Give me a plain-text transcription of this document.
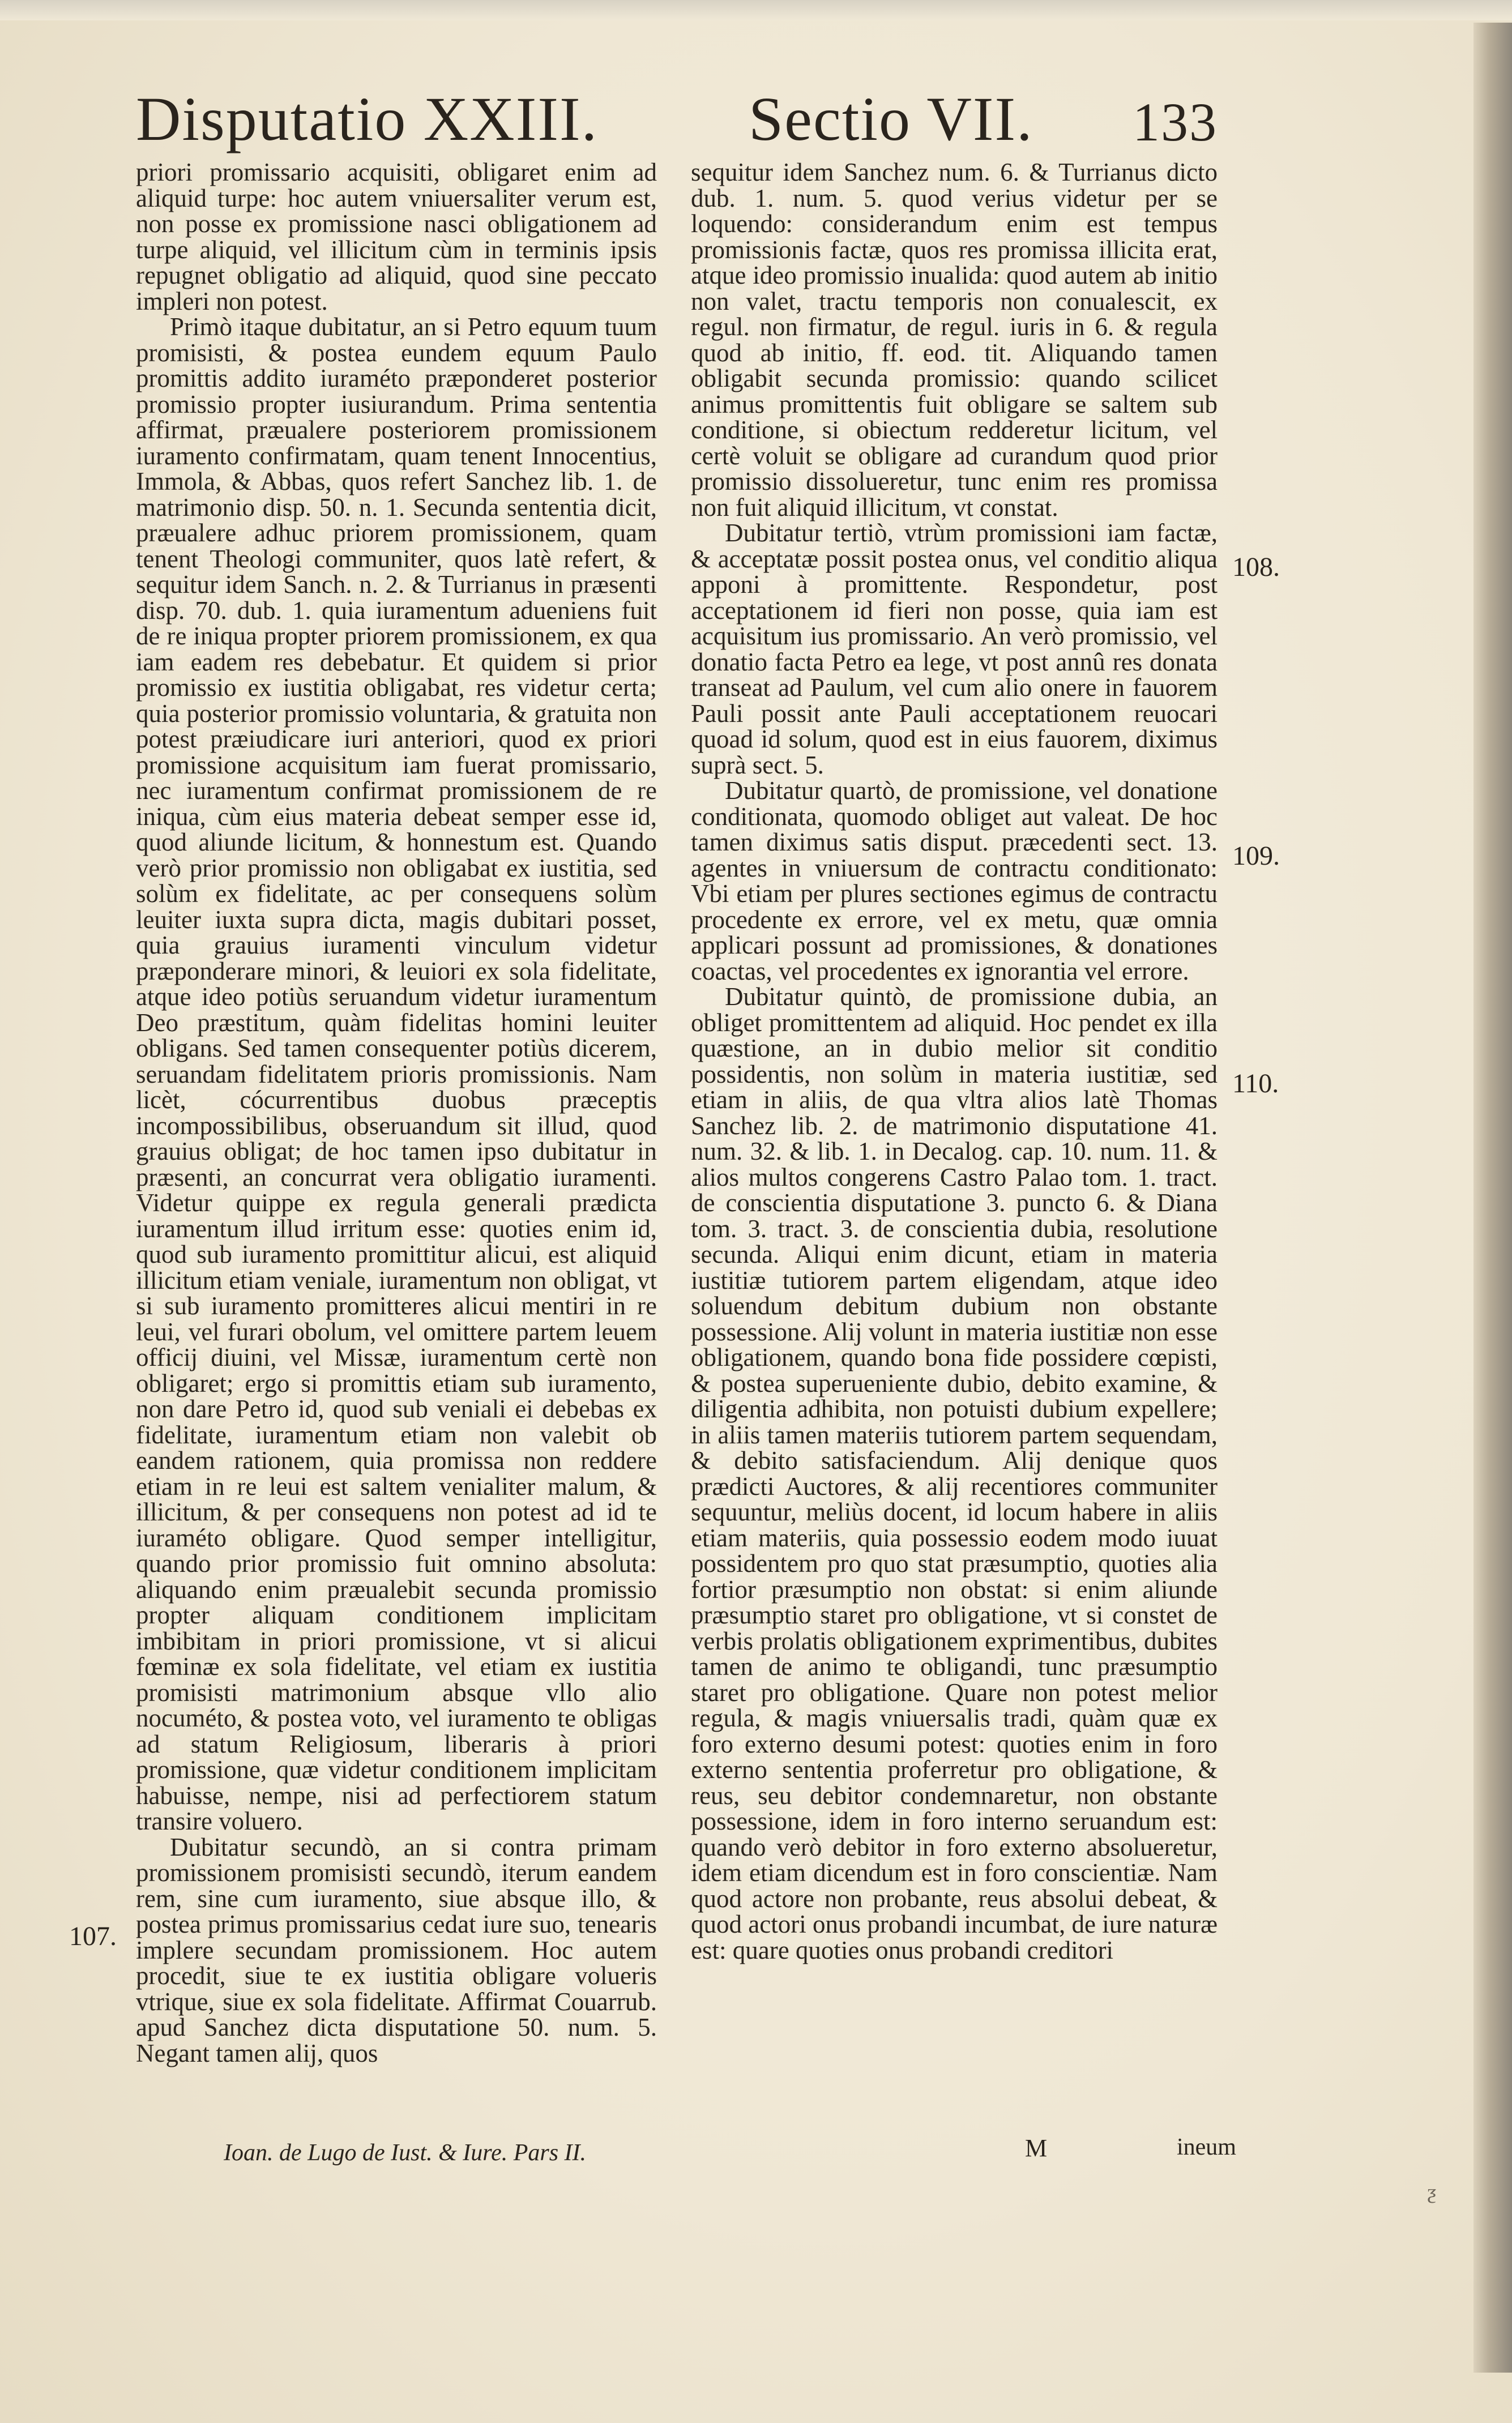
Disputatio XXIII. Sectio VII. 133

priori promissario acquisiti, obligaret enim ad aliquid turpe: hoc autem vniuersaliter verum est, non posse ex promissione nasci obligationem ad turpe aliquid, vel illicitum cùm in terminis ipsis repugnet obligatio ad aliquid, quod sine peccato impleri non potest.

Primò itaque dubitatur, an si Petro equum tuum promisisti, & postea eundem equum Paulo promittis addito iuraméto præponderet posterior promissio propter iusiurandum. Prima sententia affirmat, præualere posteriorem promissionem iuramento confirmatam, quam tenent Innocentius, Immola, & Abbas, quos refert Sanchez lib. 1. de matrimonio disp. 50. n. 1. Secunda sententia dicit, præualere adhuc priorem promissionem, quam tenent Theologi communiter, quos latè refert, & sequitur idem Sanch. n. 2. & Turrianus in præsenti disp. 70. dub. 1. quia iuramentum adueniens fuit de re iniqua propter priorem promissionem, ex qua iam eadem res debebatur. Et quidem si prior promissio ex iustitia obligabat, res videtur certa; quia posterior promissio voluntaria, & gratuita non potest præiudicare iuri anteriori, quod ex priori promissione acquisitum iam fuerat promissario, nec iuramentum confirmat promissionem de re iniqua, cùm eius materia debeat semper esse id, quod aliunde licitum, & honnestum est. Quando verò prior promissio non obligabat ex iustitia, sed solùm ex fidelitate, ac per consequens solùm leuiter iuxta supra dicta, magis dubitari posset, quia grauius iuramenti vinculum videtur præponderare minori, & leuiori ex sola fidelitate, atque ideo potiùs seruandum videtur iuramentum Deo præstitum, quàm fidelitas homini leuiter obligans. Sed tamen consequenter potiùs dicerem, seruandam fidelitatem prioris promissionis. Nam licèt, cócurrentibus duobus præceptis incompossibilibus, obseruandum sit illud, quod grauius obligat; de hoc tamen ipso dubitatur in præsenti, an concurrat vera obligatio iuramenti. Videtur quippe ex regula generali prædicta iuramentum illud irritum esse: quoties enim id, quod sub iuramento promittitur alicui, est aliquid illicitum etiam veniale, iuramentum non obligat, vt si sub iuramento promitteres alicui mentiri in re leui, vel furari obolum, vel omittere partem leuem officij diuini, vel Missæ, iuramentum certè non obligaret; ergo si promittis etiam sub iuramento, non dare Petro id, quod sub veniali ei debebas ex fidelitate, iuramentum etiam non valebit ob eandem rationem, quia promissa non reddere etiam in re leui est saltem venialiter malum, & illicitum, & per consequens non potest ad id te iuraméto obligare. Quod semper intelligitur, quando prior promissio fuit omnino absoluta: aliquando enim præualebit secunda promissio propter aliquam conditionem implicitam imbibitam in priori promissione, vt si alicui fœminæ ex sola fidelitate, vel etiam ex iustitia promisisti matrimonium absque vllo alio nocuméto, & postea voto, vel iuramento te obligas ad statum Religiosum, liberaris à priori promissione, quæ videtur conditionem implicitam habuisse, nempe, nisi ad perfectiorem statum transire voluero.

Dubitatur secundò, an si contra primam promissionem promisisti secundò, iterum eandem rem, sine cum iuramento, siue absque illo, & postea primus promissarius cedat iure suo, tenearis implere secundam promissionem. Hoc autem procedit, siue te ex iustitia obligare volueris vtrique, siue ex sola fidelitate. Affirmat Couarrub. apud Sanchez dicta disputatione 50. num. 5. Negant tamen alij, quos

sequitur idem Sanchez num. 6. & Turrianus dicto dub. 1. num. 5. quod verius videtur per se loquendo: considerandum enim est tempus promissionis factæ, quos res promissa illicita erat, atque ideo promissio inualida: quod autem ab initio non valet, tractu temporis non conualescit, ex regul. non firmatur, de regul. iuris in 6. & regula quod ab initio, ff. eod. tit. Aliquando tamen obligabit secunda promissio: quando scilicet animus promittentis fuit obligare se saltem sub conditione, si obiectum redderetur licitum, vel certè voluit se obligare ad curandum quod prior promissio dissolueretur, tunc enim res promissa non fuit aliquid illicitum, vt constat.

Dubitatur tertiò, vtrùm promissioni iam factæ, & acceptatæ possit postea onus, vel conditio aliqua apponi à promittente. Respondetur, post acceptationem id fieri non posse, quia iam est acquisitum ius promissario. An verò promissio, vel donatio facta Petro ea lege, vt post annû res donata transeat ad Paulum, vel cum alio onere in fauorem Pauli possit ante Pauli acceptationem reuocari quoad id solum, quod est in eius fauorem, diximus suprà sect. 5.

Dubitatur quartò, de promissione, vel donatione conditionata, quomodo obliget aut valeat. De hoc tamen diximus satis disput. præcedenti sect. 13. agentes in vniuersum de contractu conditionato: Vbi etiam per plures sectiones egimus de contractu procedente ex errore, vel ex metu, quæ omnia applicari possunt ad promissiones, & donationes coactas, vel procedentes ex ignorantia vel errore.

Dubitatur quintò, de promissione dubia, an obliget promittentem ad aliquid. Hoc pendet ex illa quæstione, an in dubio melior sit conditio possidentis, non solùm in materia iustitiæ, sed etiam in aliis, de qua vltra alios latè Thomas Sanchez lib. 2. de matrimonio disputatione 41. num. 32. & lib. 1. in Decalog. cap. 10. num. 11. & alios multos congerens Castro Palao tom. 1. tract. de conscientia disputatione 3. puncto 6. & Diana tom. 3. tract. 3. de conscientia dubia, resolutione secunda. Aliqui enim dicunt, etiam in materia iustitiæ tutiorem partem eligendam, atque ideo soluendum debitum dubium non obstante possessione. Alij volunt in materia iustitiæ non esse obligationem, quando bona fide possidere cœpisti, & postea superueniente dubio, debito examine, & diligentia adhibita, non potuisti dubium expellere; in aliis tamen materiis tutiorem partem sequendam, & debito satisfaciendum. Alij denique quos prædicti Auctores, & alij recentiores communiter sequuntur, meliùs docent, id locum habere in aliis etiam materiis, quia possessio eodem modo iuuat possidentem pro quo stat præsumptio, quoties alia fortior præsumptio non obstat: si enim aliunde præsumptio staret pro obligatione, vt si constet de verbis prolatis obligationem exprimentibus, dubites tamen de animo te obligandi, tunc præsumptio staret pro obligatione. Quare non potest melior regula, & magis vniuersalis tradi, quàm quæ ex foro externo desumi potest: quoties enim in foro externo sententia proferretur pro obligatione, & reus, seu debitor condemnaretur, non obstante possessione, idem in foro interno seruandum est: quando verò debitor in foro externo absolueretur, idem etiam dicendum est in foro conscientiæ. Nam quod actore non probante, reus absolui debeat, & quod actori onus probandi incumbat, de iure naturæ est: quare quoties onus probandi creditori

107.
108.
109.
110.
Ioan. de Lugo de Iust. & Iure. Pars II.	M	ineum
ƺ
